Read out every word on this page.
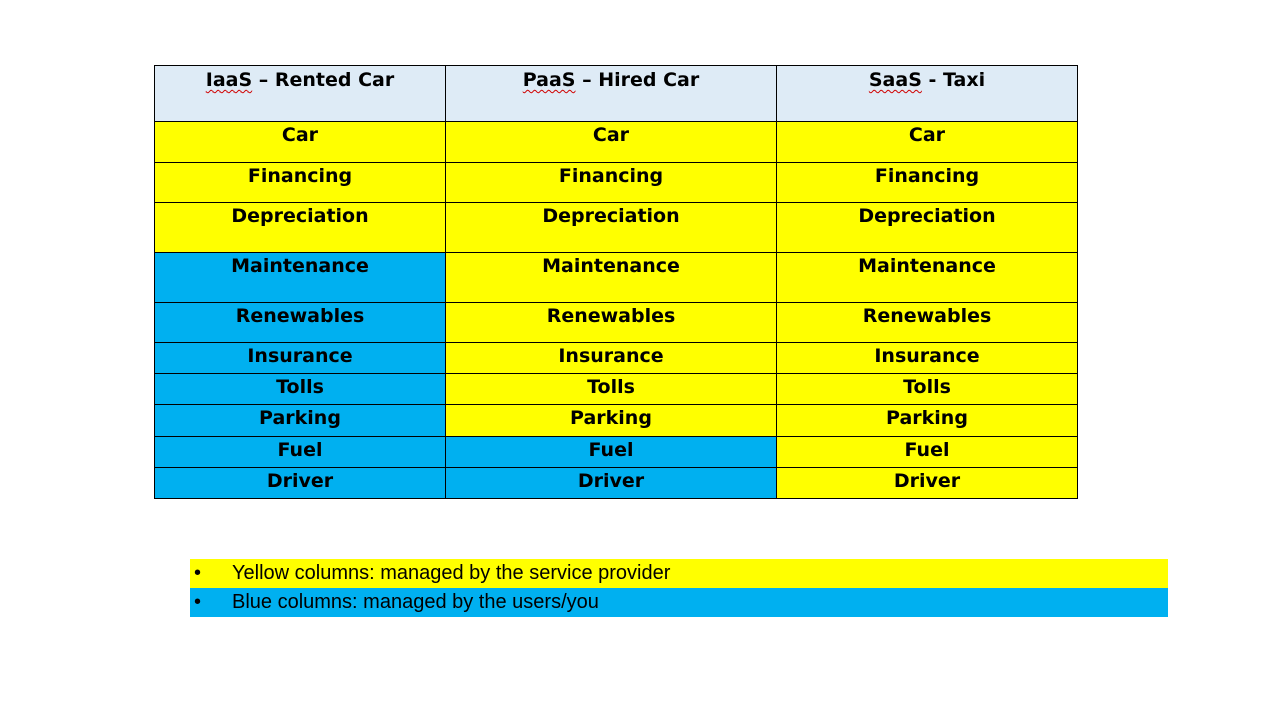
IaaS – Rented Car	PaaS – Hired Car	SaaS - Taxi
Car	Car	Car
Financing	Financing	Financing
Depreciation	Depreciation	Depreciation
Maintenance	Maintenance	Maintenance
Renewables	Renewables	Renewables
Insurance	Insurance	Insurance
Tolls	Tolls	Tolls
Parking	Parking	Parking
Fuel	Fuel	Fuel
Driver	Driver	Driver
• Yellow columns: managed by the service provider
• Blue columns: managed by the users/you
